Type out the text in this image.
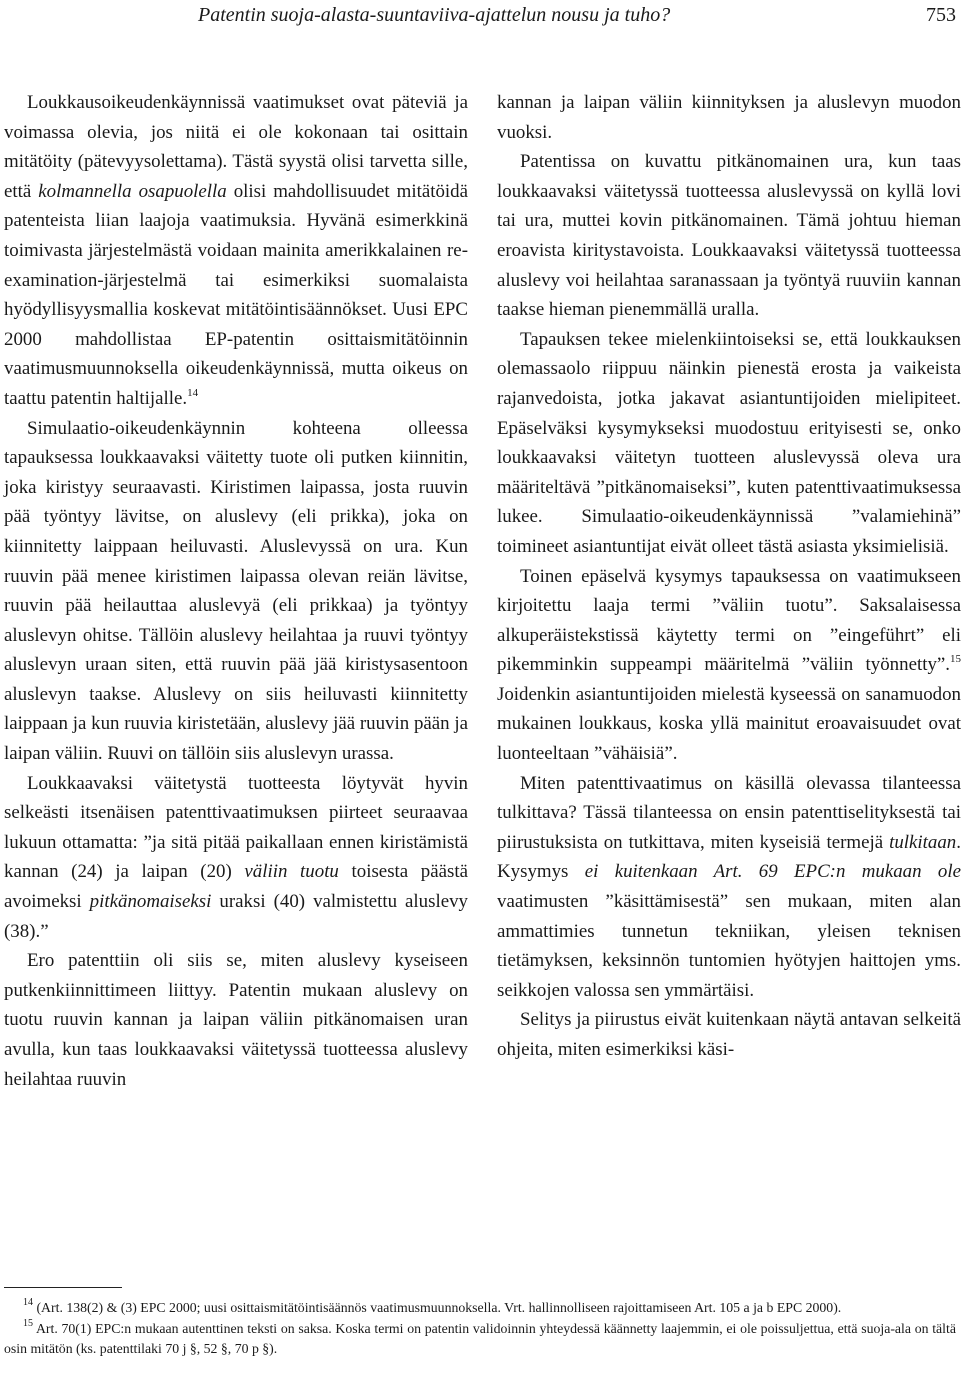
Patentin suoja-alasta-suuntaviiva-ajattelun nousu ja tuho?	753

Loukkausoikeudenkäynnissä vaatimukset ovat päteviä ja voimassa olevia, jos niitä ei ole kokonaan tai osittain mitätöity (pätevyysolettama). Tästä syystä olisi tarvetta sille, että kolmannella osapuolella olisi mahdollisuudet mitätöidä patenteista liian laajoja vaatimuksia. Hyvänä esimerkkinä toimivasta järjestelmästä voidaan mainita amerikkalainen re-examination-järjestelmä tai esimerkiksi suomalaista hyödyllisyysmallia koskevat mitätöintisäännökset. Uusi EPC 2000 mahdollistaa EP-patentin osittaismitätöinnin vaatimusmuunnoksella oikeudenkäynnissä, mutta oikeus on taattu patentin haltijalle.$^{14}$

Simulaatio-oikeudenkäynnin kohteena olleessa tapauksessa loukkaavaksi väitetty tuote oli putken kiinnitin, joka kiristyy seuraavasti. Kiristimen laipassa, josta ruuvin pää työntyy lävitse, on aluslevy (eli prikka), joka on kiinnitetty laippaan heiluvasti. Aluslevyssä on ura. Kun ruuvin pää menee kiristimen laipassa olevan reiän lävitse, ruuvin pää heilauttaa aluslevyä (eli prikkaa) ja työntyy aluslevyn ohitse. Tällöin aluslevy heilahtaa ja ruuvi työntyy aluslevyn uraan siten, että ruuvin pää jää kiristysasentoon aluslevyn taakse. Aluslevy on siis heiluvasti kiinnitetty laippaan ja kun ruuvia kiristetään, aluslevy jää ruuvin pään ja laipan väliin. Ruuvi on tällöin siis aluslevyn urassa.

Loukkaavaksi väitetystä tuotteesta löytyvät hyvin selkeästi itsenäisen patenttivaatimuksen piirteet seuraavaa lukuun ottamatta: ”ja sitä pitää paikallaan ennen kiristämistä kannan (24) ja laipan (20) väliin tuotu toisesta päästä avoimeksi pitkänomaiseksi uraksi (40) valmistettu aluslevy (38).”

Ero patenttiin oli siis se, miten aluslevy kyseiseen putkenkiinnittimeen liittyy. Patentin mukaan aluslevy on tuotu ruuvin kannan ja laipan väliin pitkänomaisen uran avulla, kun taas loukkaavaksi väitetyssä tuotteessa aluslevy heilahtaa ruuvin

kannan ja laipan väliin kiinnityksen ja aluslevyn muodon vuoksi.

Patentissa on kuvattu pitkänomainen ura, kun taas loukkaavaksi väitetyssä tuotteessa aluslevyssä on kyllä lovi tai ura, muttei kovin pitkänomainen. Tämä johtuu hieman eroavista kiritystavoista. Loukkaavaksi väitetyssä tuotteessa aluslevy voi heilahtaa saranassaan ja työntyä ruuviin kannan taakse hieman pienemmällä uralla.

Tapauksen tekee mielenkiintoiseksi se, että loukkauksen olemassaolo riippuu näinkin pienestä erosta ja vaikeista rajanvedoista, jotka jakavat asiantuntijoiden mielipiteet. Epäselväksi kysymykseksi muodostuu erityisesti se, onko loukkaavaksi väitetyn tuotteen aluslevyssä oleva ura määriteltävä ”pitkänomaiseksi”, kuten patenttivaatimuksessa lukee. Simulaatio-oikeudenkäynnissä ”valamiehinä” toimineet asiantuntijat eivät olleet tästä asiasta yksimielisiä.

Toinen epäselvä kysymys tapauksessa on vaatimukseen kirjoitettu laaja termi ”väliin tuotu”. Saksalaisessa alkuperäistekstissä käytetty termi on ”eingeführt” eli pikemminkin suppeampi määritelmä ”väliin työnnetty”.$^{15}$ Joidenkin asiantuntijoiden mielestä kyseessä on sanamuodon mukainen loukkaus, koska yllä mainitut eroavaisuudet ovat luonteeltaan ”vähäisiä”.

Miten patenttivaatimus on käsillä olevassa tilanteessa tulkittava? Tässä tilanteessa on ensin patenttiselityksestä tai piirustuksista on tutkittava, miten kyseisiä termejä tulkitaan. Kysymys ei kuitenkaan Art. 69 EPC:n mukaan ole vaatimusten ”käsittämisestä” sen mukaan, miten alan ammattimies tunnetun tekniikan, yleisen teknisen tietämyksen, keksinnön tuntomien hyötyjen haittojen yms. seikkojen valossa sen ymmärtäisi.

Selitys ja piirustus eivät kuitenkaan näytä antavan selkeitä ohjeita, miten esimerkiksi käsi-

$^{14}$ (Art. 138(2) & (3) EPC 2000; uusi osittaismitätöintisäännös vaatimusmuunnoksella. Vrt. hallinnolliseen rajoittamiseen Art. 105 a ja b EPC 2000).

$^{15}$ Art. 70(1) EPC:n mukaan autenttinen teksti on saksa. Koska termi on patentin validoinnin yhteydessä käännetty laajemmin, ei ole poissuljettua, että suoja-ala on tältä osin mitätön (ks. patenttilaki 70 j §, 52 §, 70 p §).
